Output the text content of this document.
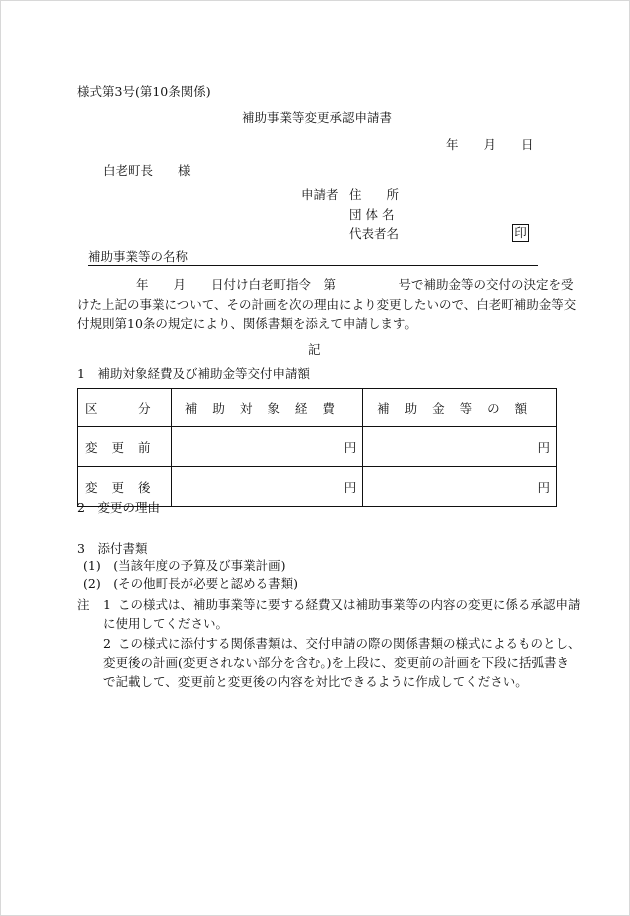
様式第3号(第10条関係)
補助事業等変更承認申請書
年　　月　　日
白老町長　　様
申請者 住　　所
団 体 名
代表者名	印
補助事業等の名称
年　　月　　日付け白老町指令　第　　　　　号で補助金等の交付の決定を受
けた上記の事業について、その計画を次の理由により変更したいので、白老町補助金等交
付規則第10条の規定により、関係書類を添えて申請します。
記
1　補助対象経費及び補助金等交付申請額
区　分	補助対象経費	補助金等の額
変更前	円	円
変更後	円	円
2　変更の理由
3　添付書類
(1)　(当該年度の予算及び事業計画)
(2)　(その他町長が必要と認める書類)
注 1 この様式は、補助事業等に要する経費又は補助事業等の内容の変更に係る承認申請
に使用してください。
2 この様式に添付する関係書類は、交付申請の際の関係書類の様式によるものとし、
変更後の計画(変更されない部分を含む。)を上段に、変更前の計画を下段に括弧書き
で記載して、変更前と変更後の内容を対比できるように作成してください。
